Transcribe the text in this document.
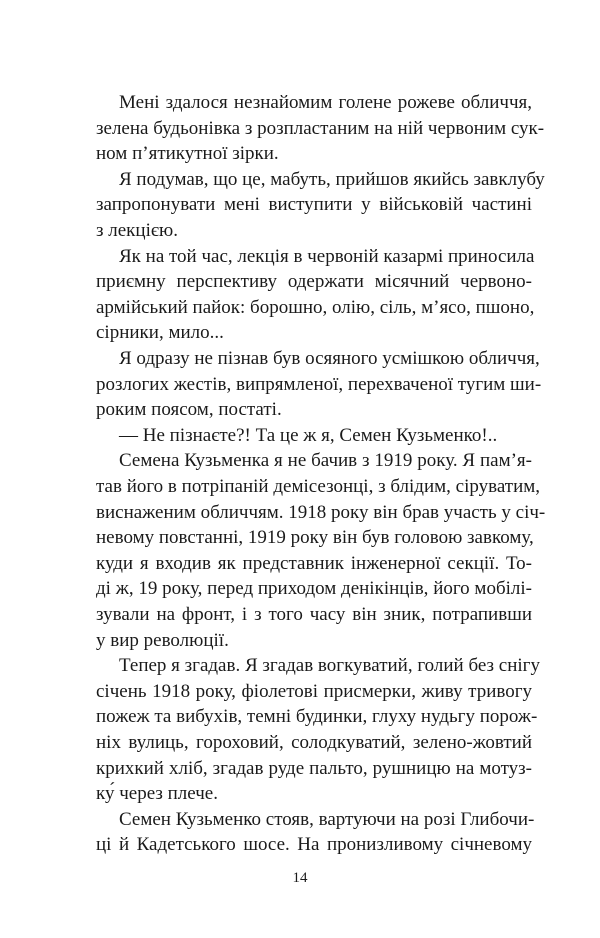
Мені здалося незнайомим голене рожеве обличчя,
зелена будьонівка з розпластаним на ній червоним сук-
ном п’ятикутної зірки.
Я подумав, що це, мабуть, прийшов якийсь завклубу
запропонувати мені виступити у військовій частині
з лекцією.
Як на той час, лекція в червоній казармі приносила
приємну перспективу одержати місячний червоно-
армійський пайок: борошно, олію, сіль, м’ясо, пшоно,
сірники, мило...
Я одразу не пізнав був осяяного усмішкою обличчя,
розлогих жестів, випрямленої, перехваченої тугим ши-
роким поясом, постаті.
— Не пізнаєте?! Та це ж я, Семен Кузьменко!..
Семена Кузьменка я не бачив з 1919 року. Я пам’я-
тав його в потріпаній демісезонці, з блідим, сіруватим,
виснаженим обличчям. 1918 року він брав участь у січ-
невому повстанні, 1919 року він був головою завкому,
куди я входив як представник інженерної секції. То-
ді ж, 19 року, перед приходом денікінців, його мобілі-
зували на фронт, і з того часу він зник, потрапивши
у вир революції.
Тепер я згадав. Я згадав вогкуватий, голий без снігу
січень 1918 року, фіолетові присмерки, живу тривогу
пожеж та вибухів, темні будинки, глуху нудьгу порож-
ніх вулиць, гороховий, солодкуватий, зелено-жовтий
крихкий хліб, згадав руде пальто, рушницю на мотуз-
ку́ через плече.
Семен Кузьменко стояв, вартуючи на розі Глибочи-
ці й Кадетського шосе. На пронизливому січневому
14
